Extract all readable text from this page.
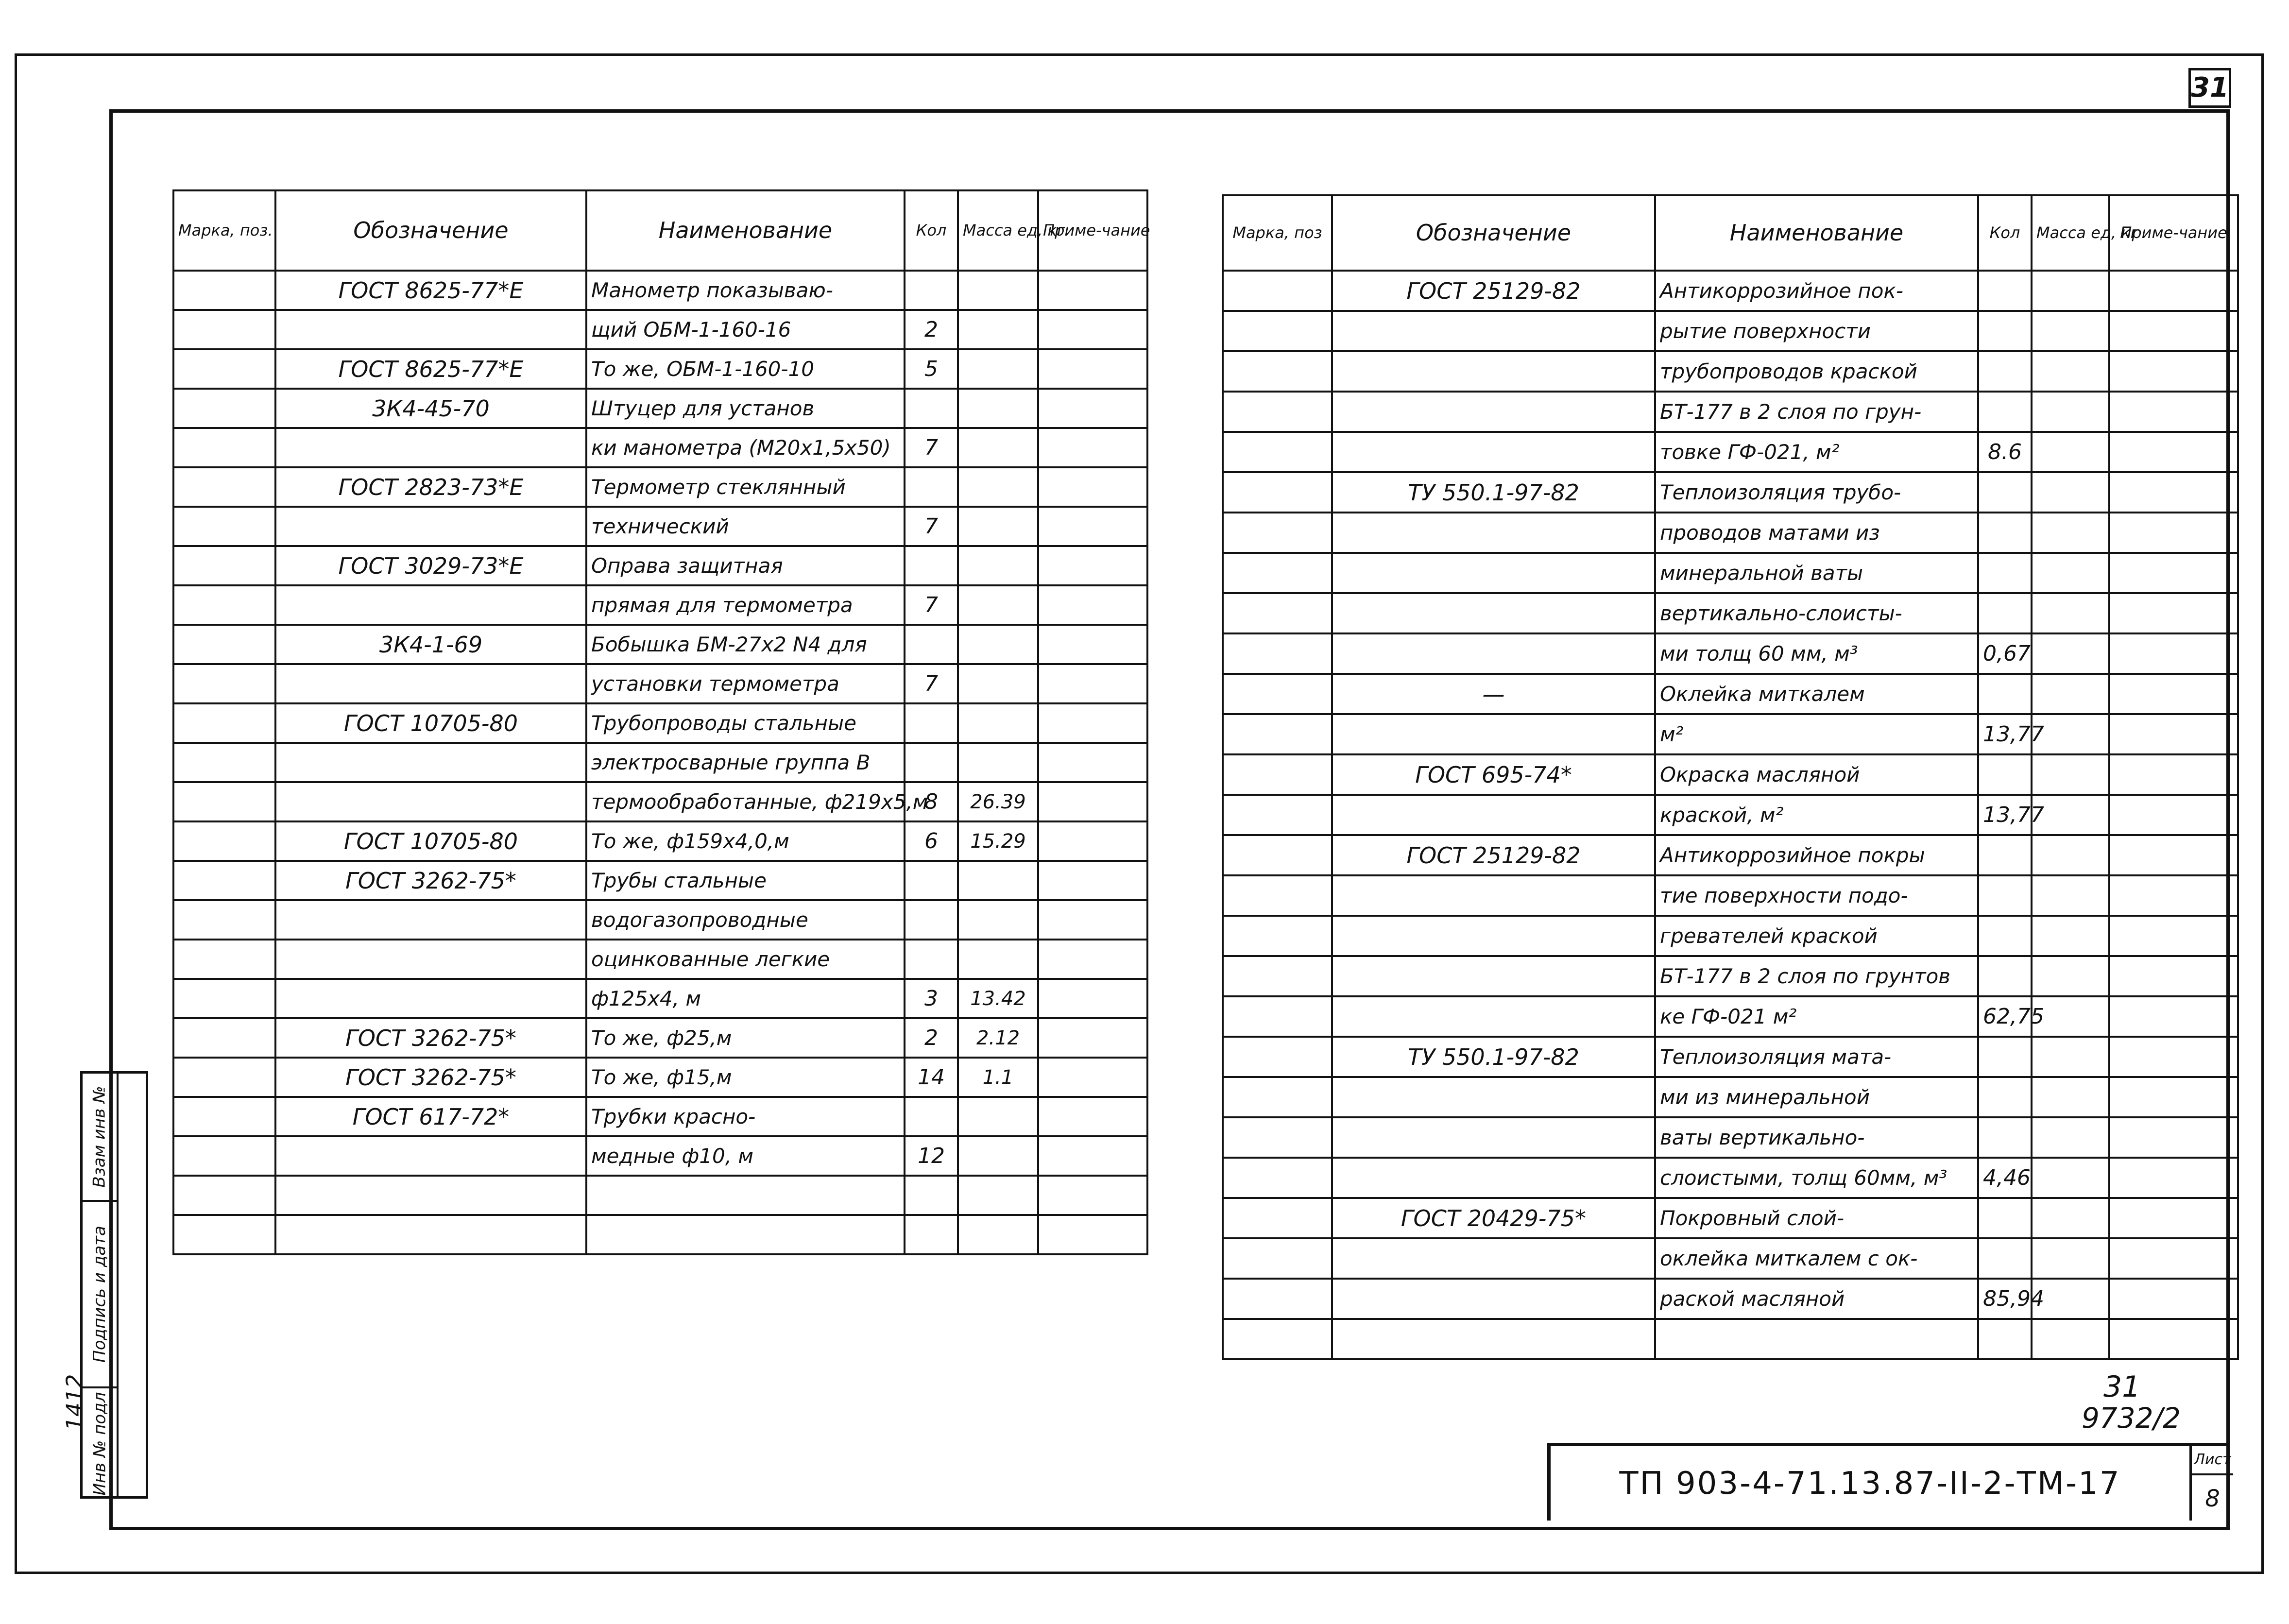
31
Марка, поз.	Обозначение	Наименование	Кол	Масса ед, кг	Приме-чание
	ГОСТ 8625-77*Е	Манометр показываю-			
		щий ОБМ-1-160-16	2		
	ГОСТ 8625-77*Е	То же, ОБМ-1-160-10	5		
	3К4-45-70	Штуцер для установ			
		ки манометра (М20х1,5х50)	7		
	ГОСТ 2823-73*Е	Термометр стеклянный			
		технический	7		
	ГОСТ 3029-73*Е	Оправа защитная			
		прямая для термометра	7		
	3К4-1-69	Бобышка БМ-27х2 N4 для			
		установки термометра	7		
	ГОСТ 10705-80	Трубопроводы стальные			
		электросварные группа В			
		термообработанные, ф219х5,м	8	26.39	
	ГОСТ 10705-80	То же, ф159х4,0,м	6	15.29	
	ГОСТ 3262-75*	Трубы стальные			
		водогазопроводные			
		оцинкованные легкие			
		ф125х4, м	3	13.42	
	ГОСТ 3262-75*	То же, ф25,м	2	2.12	
	ГОСТ 3262-75*	То же, ф15,м	14	1.1	
	ГОСТ 617-72*	Трубки красно-			
		медные ф10, м	12		

Марка, поз	Обозначение	Наименование	Кол	Масса ед, кг	Приме-чание
	ГОСТ 25129-82	Антикоррозийное пок-			
		рытие поверхности			
		трубопроводов краской			
		БТ-177 в 2 слоя по грун-			
		товке ГФ-021, м²	8.6		
	ТУ 550.1-97-82	Теплоизоляция трубо-			
		проводов матами из			
		минеральной ваты			
		вертикально-слоисты-			
		ми толщ 60 мм, м³	0,67		
	—	Оклейка миткалем			
		м²	13,77		
	ГОСТ 695-74*	Окраска масляной			
		краской, м²	13,77		
	ГОСТ 25129-82	Антикоррозийное покры			
		тие поверхности подо-			
		гревателей краской			
		БТ-177 в 2 слоя по грунтов			
		ке ГФ-021 м²	62,75		
	ТУ 550.1-97-82	Теплоизоляция мата-			
		ми из минеральной			
		ваты вертикально-			
		слоистыми, толщ 60мм, м³	4,46		
	ГОСТ 20429-75*	Покровный слой-			
		оклейка миткалем с ок-			
		раской масляной	85,94		

Взам инв №
Подпись и дата
Инв № подл
1412	31
9732/2
ТП 903-4-71.13.87-II-2-ТМ-17
Лист
8
